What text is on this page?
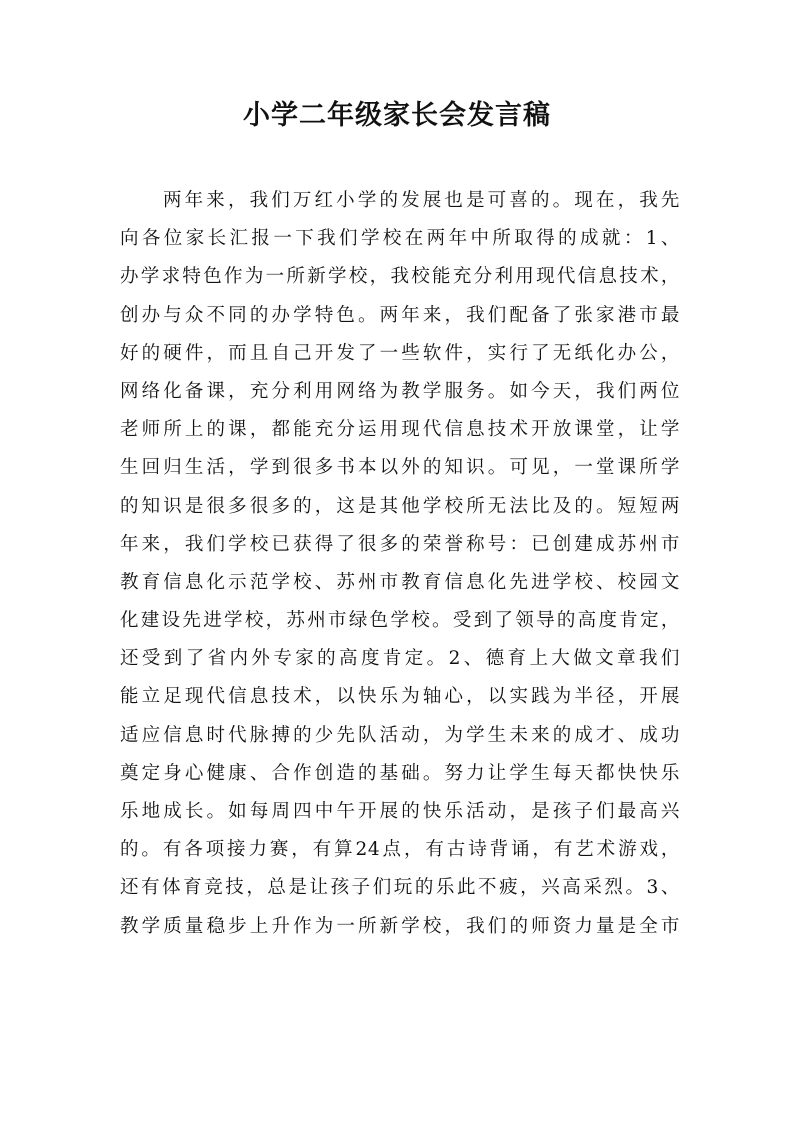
小学二年级家长会发言稿
两年来，我们万红小学的发展也是可喜的。现在，我先
向各位家长汇报一下我们学校在两年中所取得的成就：1、
办学求特色作为一所新学校，我校能充分利用现代信息技术，
创办与众不同的办学特色。两年来，我们配备了张家港市最
好的硬件，而且自己开发了一些软件，实行了无纸化办公，
网络化备课，充分利用网络为教学服务。如今天，我们两位
老师所上的课，都能充分运用现代信息技术开放课堂，让学
生回归生活，学到很多书本以外的知识。可见，一堂课所学
的知识是很多很多的，这是其他学校所无法比及的。短短两
年来，我们学校已获得了很多的荣誉称号：已创建成苏州市
教育信息化示范学校、苏州市教育信息化先进学校、校园文
化建设先进学校，苏州市绿色学校。受到了领导的高度肯定，
还受到了省内外专家的高度肯定。2、德育上大做文章我们
能立足现代信息技术，以快乐为轴心，以实践为半径，开展
适应信息时代脉搏的少先队活动，为学生未来的成才、成功
奠定身心健康、合作创造的基础。努力让学生每天都快快乐
乐地成长。如每周四中午开展的快乐活动，是孩子们最高兴
的。有各项接力赛，有算24点，有古诗背诵，有艺术游戏，
还有体育竞技，总是让孩子们玩的乐此不疲，兴高采烈。3、
教学质量稳步上升作为一所新学校，我们的师资力量是全市
